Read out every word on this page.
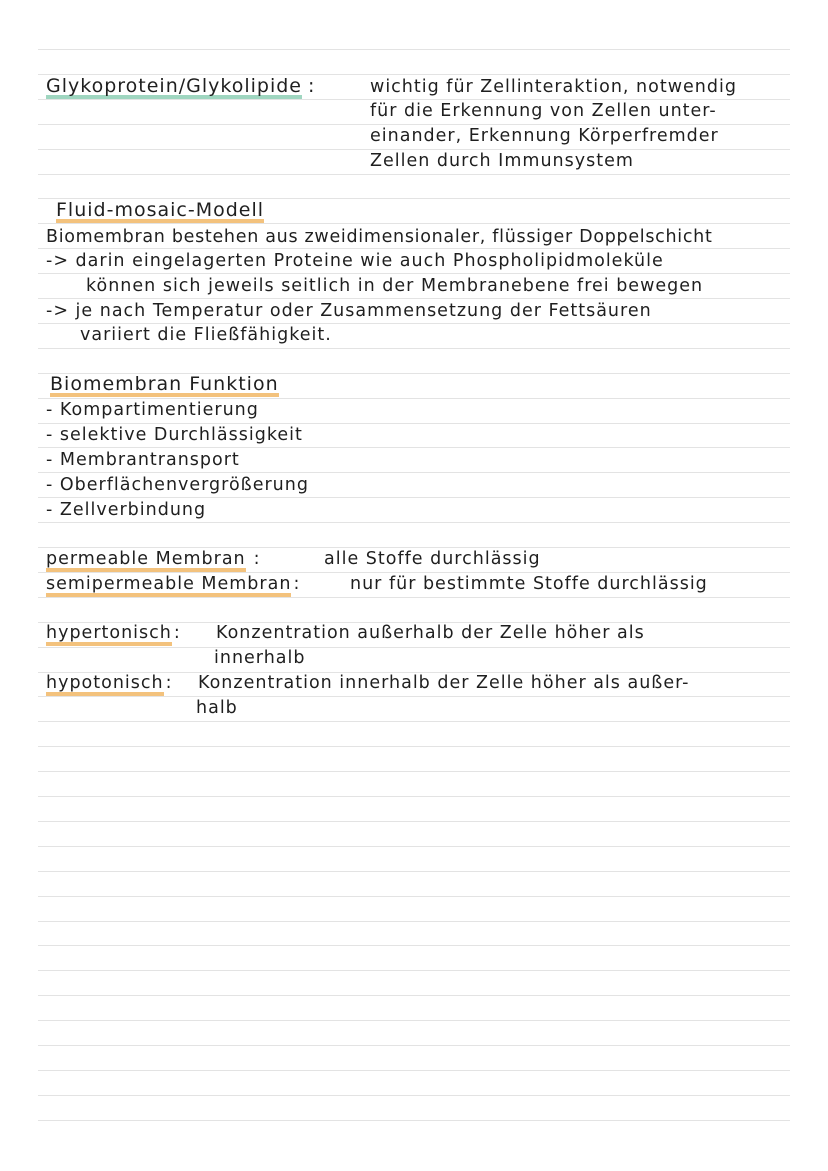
Glykoprotein/Glykolipide :	wichtig für Zellinteraktion, notwendig
für die Erkennung von Zellen unter-
einander, Erkennung Körperfremder
Zellen durch Immunsystem
Fluid-mosaic-Modell
Biomembran bestehen aus zweidimensionaler, flüssiger Doppelschicht
-> darin eingelagerten Proteine wie auch Phospholipidmoleküle
können sich jeweils seitlich in der Membranebene frei bewegen
-> je nach Temperatur oder Zusammensetzung der Fettsäuren
variiert die Fließfähigkeit.
Biomembran Funktion
- Kompartimentierung
- selektive Durchlässigkeit
- Membrantransport
- Oberflächenvergrößerung
- Zellverbindung
permeable Membran :	alle Stoffe durchlässig
semipermeable Membran :	nur für bestimmte Stoffe durchlässig
hypertonisch : Konzentration außerhalb der Zelle höher als
innerhalb
hypotonisch : Konzentration innerhalb der Zelle höher als außer-
halb
